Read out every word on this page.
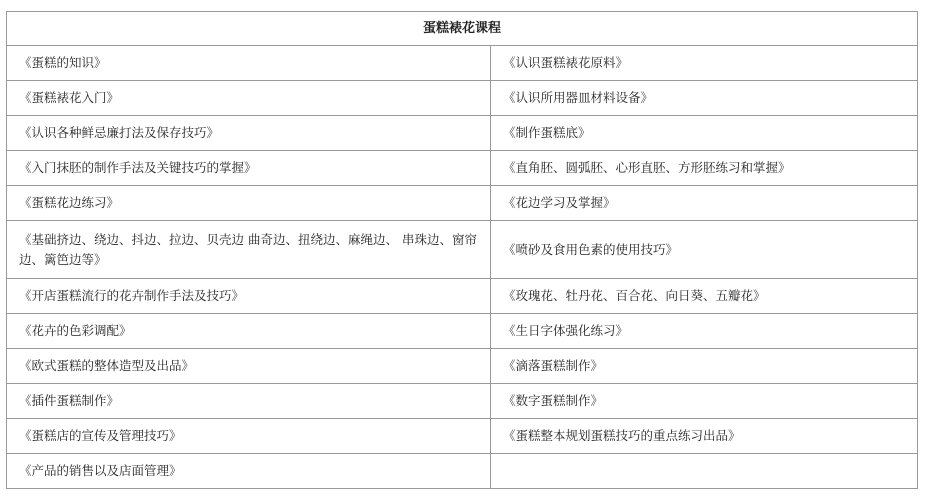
蛋糕裱花课程	
《蛋糕的知识》	《认识蛋糕裱花原料》
《蛋糕裱花入门》	《认识所用器皿材料设备》
《认识各种鲜忌廉打法及保存技巧》	《制作蛋糕底》
《入门抹胚的制作手法及关键技巧的掌握》	《直角胚、圆弧胚、心形直胚、方形胚练习和掌握》
《蛋糕花边练习》	《花边学习及掌握》
《基础挤边、绕边、抖边、拉边、贝壳边 曲奇边、扭绕边、麻绳边、 串珠边、窗帘边、篱笆边等》	《喷砂及食用色素的使用技巧》
《开店蛋糕流行的花卉制作手法及技巧》	《玫瑰花、牡丹花、百合花、向日葵、五瓣花》
《花卉的色彩调配》	《生日字体强化练习》
《欧式蛋糕的整体造型及出品》	《滴落蛋糕制作》
《插件蛋糕制作》	《数字蛋糕制作》
《蛋糕店的宣传及管理技巧》	《蛋糕整本规划蛋糕技巧的重点练习出品》
《产品的销售以及店面管理》	
